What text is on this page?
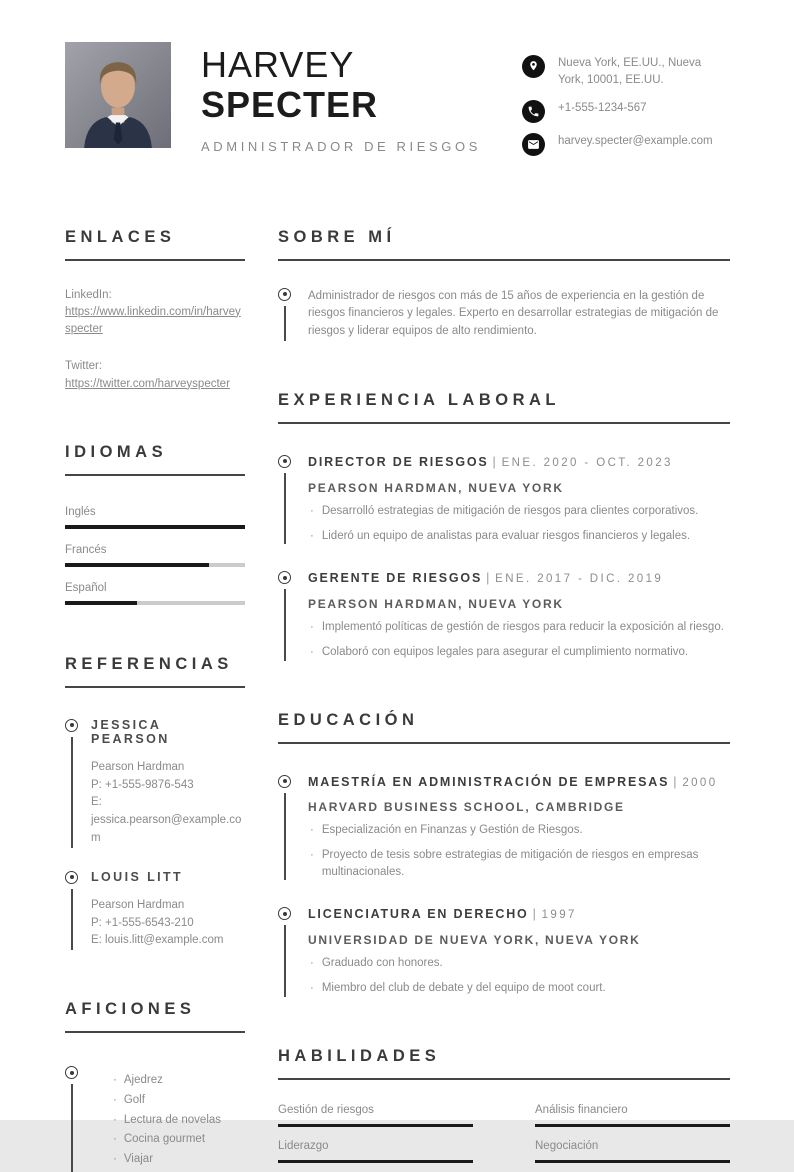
HARVEY
SPECTER
ADMINISTRADOR DE RIESGOS
Nueva York, EE.UU., Nueva York, 10001, EE.UU.
+1-555-1234-567
harvey.specter@example.com
ENLACES
LinkedIn:
https://www.linkedin.com/in/harveyspecter
Twitter:
https://twitter.com/harveyspecter
IDIOMAS
Inglés
Francés
Español
REFERENCIAS
JESSICA PEARSON
Pearson Hardman
P: +1-555-9876-543
E: jessica.pearson@example.com
LOUIS LITT
Pearson Hardman
P: +1-555-6543-210
E: louis.litt@example.com
AFICIONES
· Ajedrez
· Golf
· Lectura de novelas
· Cocina gourmet
· Viajar
SOBRE MÍ

Administrador de riesgos con más de 15 años de experiencia en la gestión de riesgos financieros y legales. Experto en desarrollar estrategias de mitigación de riesgos y liderar equipos de alto rendimiento.

EXPERIENCIA LABORAL
DIRECTOR DE RIESGOS | ENE. 2020 - OCT. 2023
PEARSON HARDMAN, NUEVA YORK
· Desarrolló estrategias de mitigación de riesgos para clientes corporativos.
· Lideró un equipo de analistas para evaluar riesgos financieros y legales.
GERENTE DE RIESGOS | ENE. 2017 - DIC. 2019
PEARSON HARDMAN, NUEVA YORK
· Implementó políticas de gestión de riesgos para reducir la exposición al riesgo.
· Colaboró con equipos legales para asegurar el cumplimiento normativo.
EDUCACIÓN
MAESTRÍA EN ADMINISTRACIÓN DE EMPRESAS | 2000
HARVARD BUSINESS SCHOOL, CAMBRIDGE
· Especialización en Finanzas y Gestión de Riesgos.
· Proyecto de tesis sobre estrategias de mitigación de riesgos en empresas multinacionales.
LICENCIATURA EN DERECHO | 1997
UNIVERSIDAD DE NUEVA YORK, NUEVA YORK
· Graduado con honores.
· Miembro del club de debate y del equipo de moot court.
HABILIDADES
Gestión de riesgos	Análisis financiero
Liderazgo	Negociación
